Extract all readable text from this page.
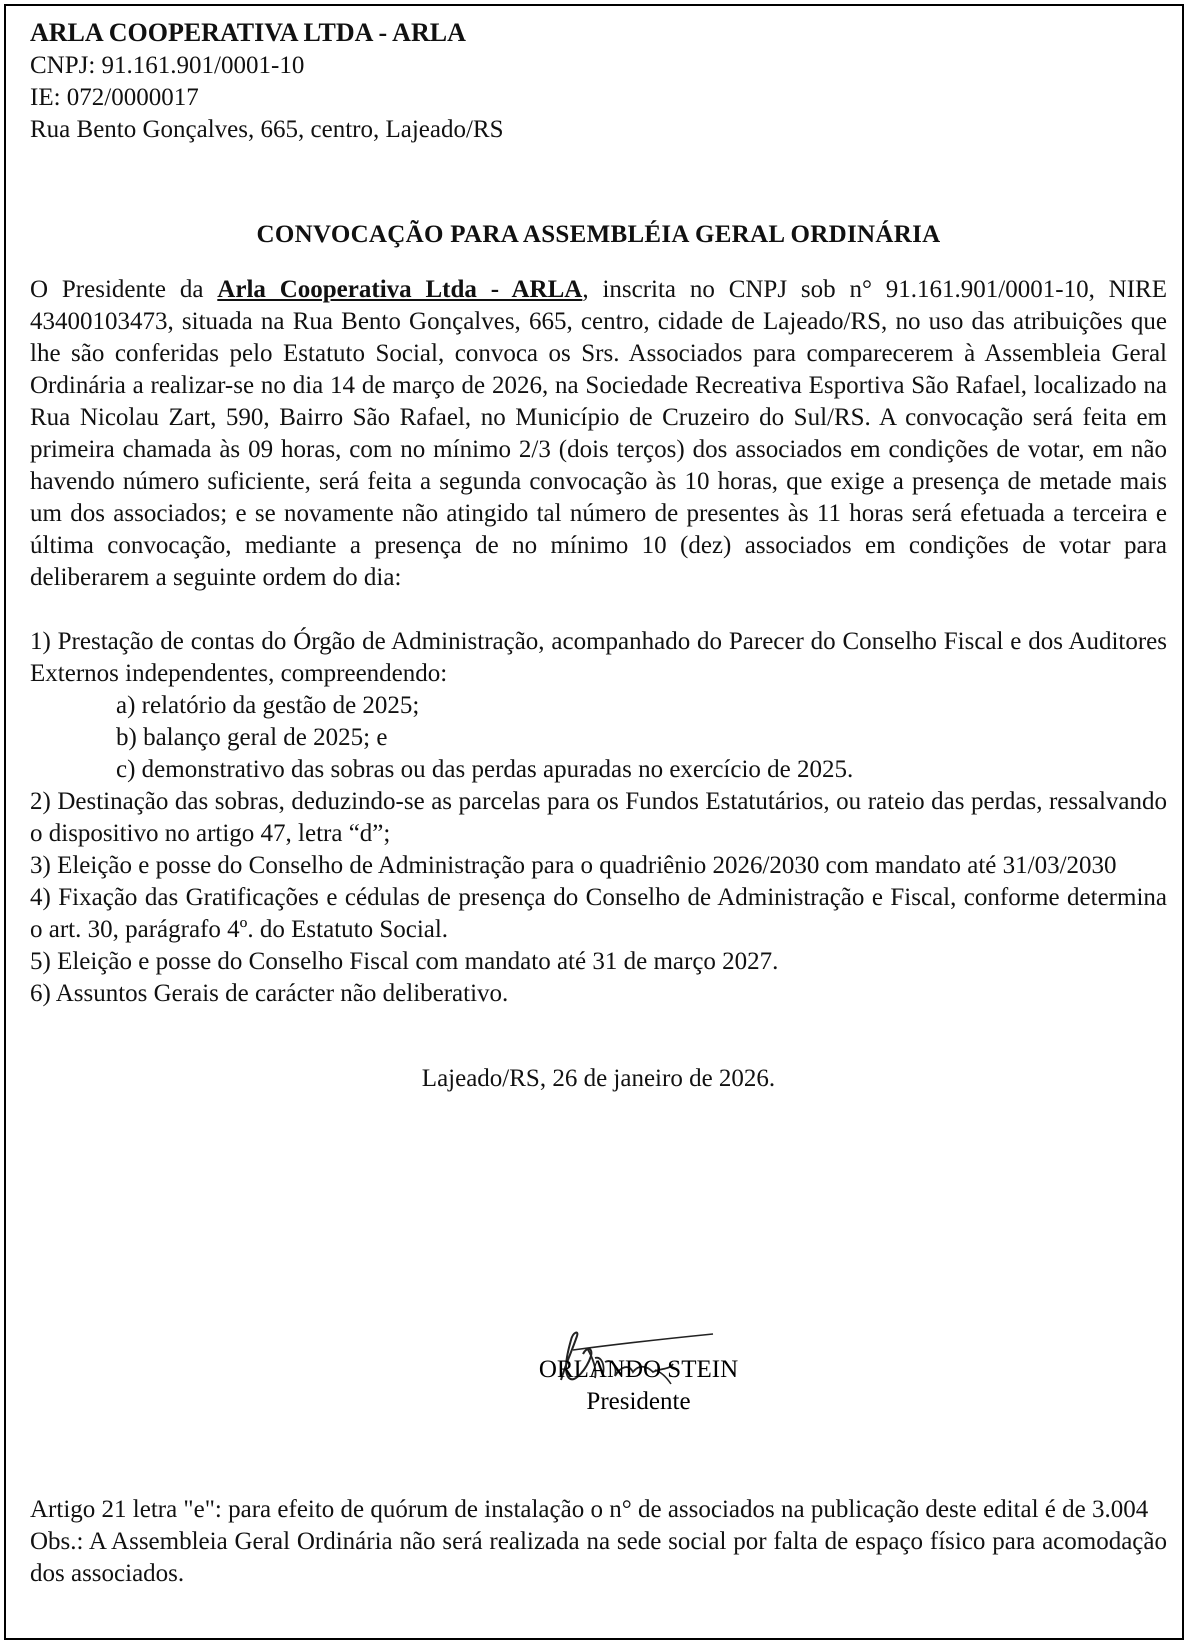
ARLA COOPERATIVA LTDA - ARLA
CNPJ: 91.161.901/0001-10
IE: 072/0000017
Rua Bento Gonçalves, 665, centro, Lajeado/RS
CONVOCAÇÃO PARA ASSEMBLÉIA GERAL ORDINÁRIA

O Presidente da Arla Cooperativa Ltda - ARLA, inscrita no CNPJ sob n° 91.161.901/0001-10, NIRE 43400103473, situada na Rua Bento Gonçalves, 665, centro, cidade de Lajeado/RS, no uso das atribuições que lhe são conferidas pelo Estatuto Social, convoca os Srs. Associados para comparecerem à Assembleia Geral Ordinária a realizar-se no dia 14 de março de 2026, na Sociedade Recreativa Esportiva São Rafael, localizado na Rua Nicolau Zart, 590, Bairro São Rafael, no Município de Cruzeiro do Sul/RS. A convocação será feita em primeira chamada às 09 horas, com no mínimo 2/3 (dois terços) dos associados em condições de votar, em não havendo número suficiente, será feita a segunda convocação às 10 horas, que exige a presença de metade mais um dos associados; e se novamente não atingido tal número de presentes às 11 horas será efetuada a terceira e última convocação, mediante a presença de no mínimo 10 (dez) associados em condições de votar para deliberarem a seguinte ordem do dia:

1) Prestação de contas do Órgão de Administração, acompanhado do Parecer do Conselho Fiscal e dos Auditores Externos independentes, compreendendo:
a) relatório da gestão de 2025;
b) balanço geral de 2025; e
c) demonstrativo das sobras ou das perdas apuradas no exercício de 2025.
2) Destinação das sobras, deduzindo-se as parcelas para os Fundos Estatutários, ou rateio das perdas, ressalvando o dispositivo no artigo 47, letra “d”;
3) Eleição e posse do Conselho de Administração para o quadriênio 2026/2030 com mandato até 31/03/2030
4) Fixação das Gratificações e cédulas de presença do Conselho de Administração e Fiscal, conforme determina o art. 30, parágrafo 4º. do Estatuto Social.
5) Eleição e posse do Conselho Fiscal com mandato até 31 de março 2027.
6) Assuntos Gerais de carácter não deliberativo.
Lajeado/RS, 26 de janeiro de 2026.
ORLANDO STEIN
Presidente
Artigo 21 letra "e": para efeito de quórum de instalação o n° de associados na publicação deste edital é de 3.004
Obs.: A Assembleia Geral Ordinária não será realizada na sede social por falta de espaço físico para acomodação dos associados.
